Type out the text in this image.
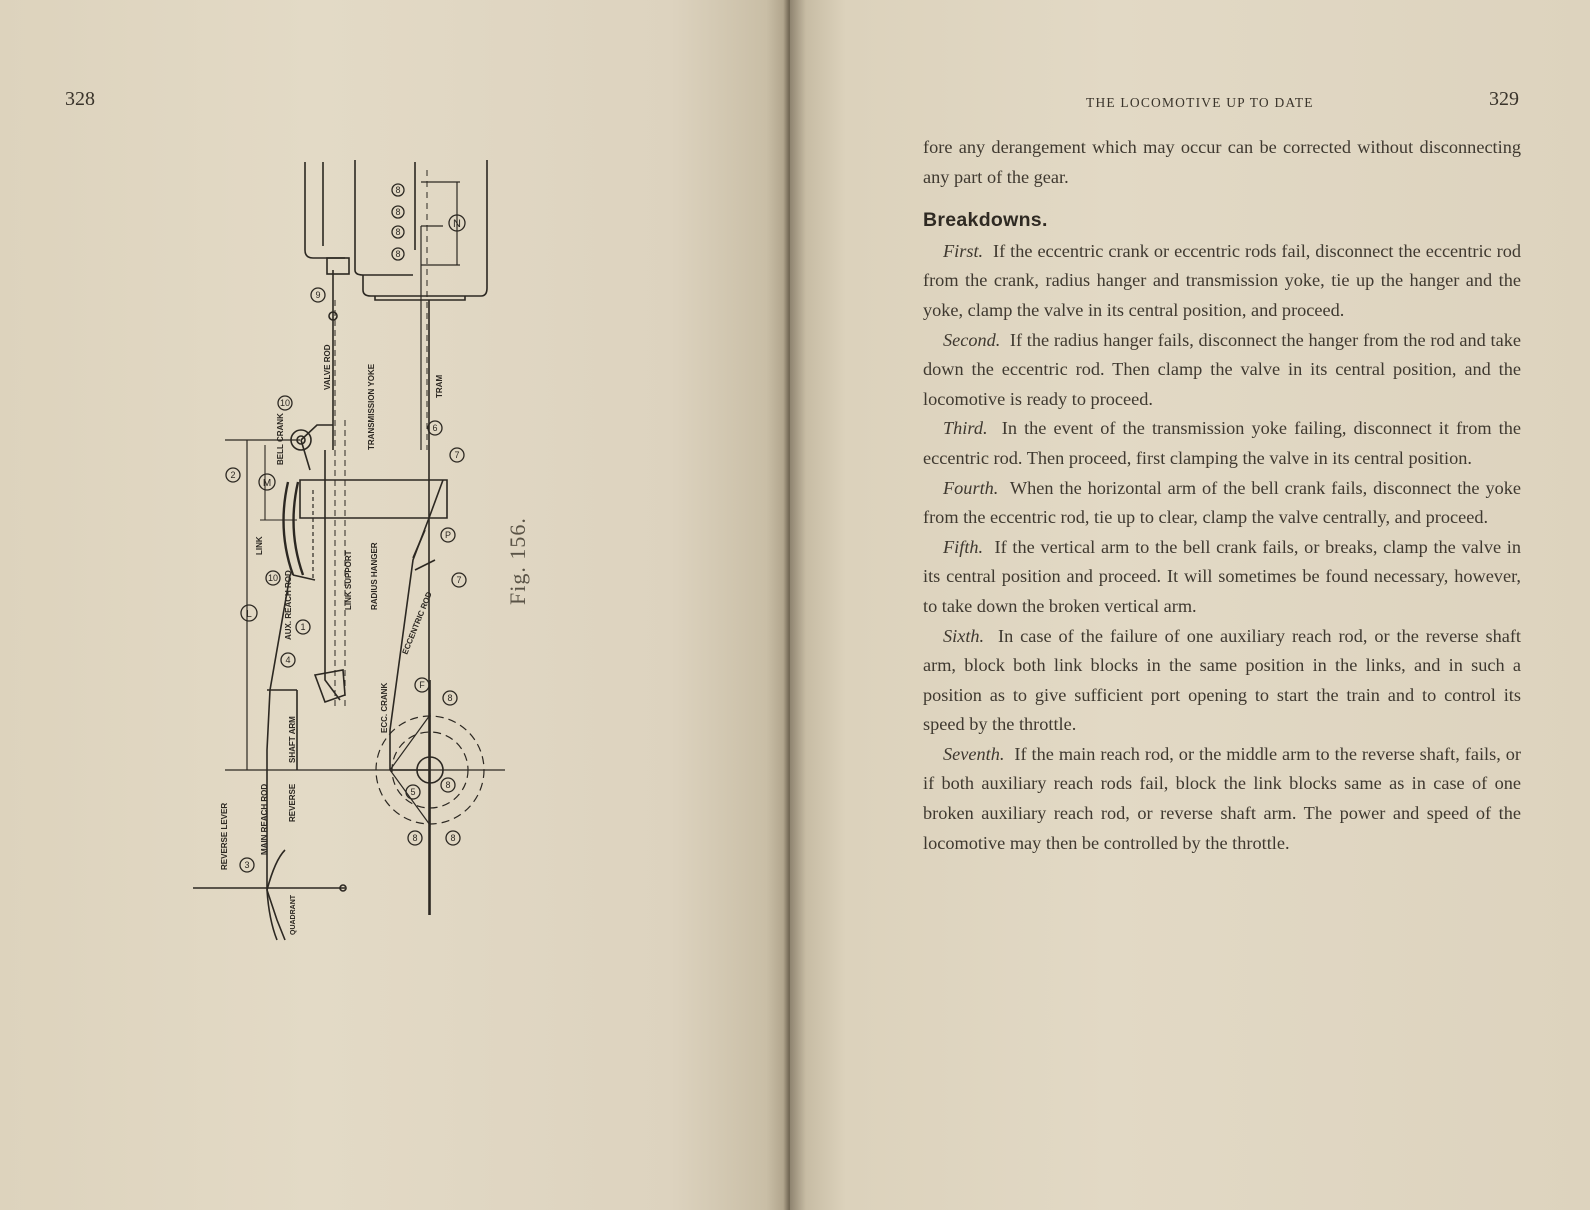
328
8
8
8
8
N
9
10
6
7
2
M
P
10	7
L
1
4
F
8
5
8
8	8
3
VALVE ROD	TRANSMISSION YOKE	TRAM
BELL CRANK
LINK
LINK SUPPORT RADIUS HANGER
AUX. REACH ROD	ECCENTRIC ROD
ECC. CRANK
SHAFT ARM
REVERSE
MAIN REACH ROD
REVERSE LEVER
QUADRANT
Fig. 156.
THE LOCOMOTIVE UP TO DATE	329

fore any derangement which may occur can be corrected without disconnecting any part of the gear.

Breakdowns.

First. If the eccentric crank or eccentric rods fail, disconnect the eccentric rod from the crank, radius hanger and transmission yoke, tie up the hanger and the yoke, clamp the valve in its central position, and proceed.

Second. If the radius hanger fails, disconnect the hanger from the rod and take down the eccentric rod. Then clamp the valve in its central position, and the locomotive is ready to proceed.

Third. In the event of the transmission yoke failing, disconnect it from the eccentric rod. Then proceed, first clamping the valve in its central position.

Fourth. When the horizontal arm of the bell crank fails, disconnect the yoke from the eccentric rod, tie up to clear, clamp the valve centrally, and proceed.

Fifth. If the vertical arm to the bell crank fails, or breaks, clamp the valve in its central position and proceed. It will sometimes be found necessary, however, to take down the broken vertical arm.

Sixth. In case of the failure of one auxiliary reach rod, or the reverse shaft arm, block both link blocks in the same position in the links, and in such a position as to give sufficient port opening to start the train and to control its speed by the throttle.

Seventh. If the main reach rod, or the middle arm to the reverse shaft, fails, or if both auxiliary reach rods fail, block the link blocks same as in case of one broken auxiliary reach rod, or reverse shaft arm. The power and speed of the locomotive may then be controlled by the throttle.
